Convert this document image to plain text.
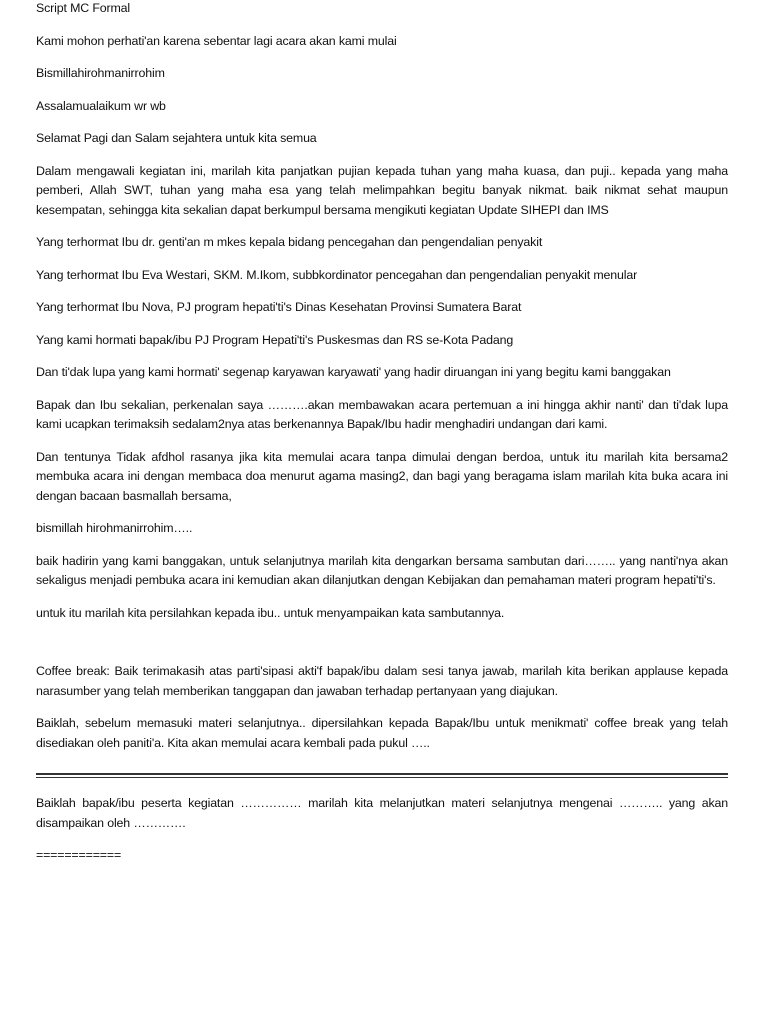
Script MC Formal

Kami mohon perhati'an karena sebentar lagi acara akan kami mulai

Bismillahirohmanirrohim

Assalamualaikum wr wb

Selamat Pagi dan Salam sejahtera untuk kita semua

Dalam mengawali kegiatan ini, marilah kita panjatkan pujian kepada tuhan yang maha kuasa, dan puji.. kepada yang maha pemberi, Allah SWT, tuhan yang maha esa yang telah melimpahkan begitu banyak nikmat. baik nikmat sehat maupun kesempatan, sehingga kita sekalian dapat berkumpul bersama mengikuti kegiatan Update SIHEPI dan IMS

Yang terhormat Ibu dr. genti'an m mkes kepala bidang pencegahan dan pengendalian penyakit

Yang terhormat Ibu Eva Westari, SKM. M.Ikom, subbkordinator pencegahan dan pengendalian penyakit menular

Yang terhormat Ibu Nova, PJ program hepati'ti's Dinas Kesehatan Provinsi Sumatera Barat

Yang kami hormati bapak/ibu PJ Program Hepati'ti's Puskesmas dan RS se-Kota Padang

Dan ti'dak lupa yang kami hormati' segenap karyawan karyawati' yang hadir diruangan ini yang begitu kami banggakan

Bapak dan Ibu sekalian, perkenalan saya ……….akan membawakan acara pertemuan a ini hingga akhir nanti' dan ti'dak lupa kami ucapkan terimaksih sedalam2nya atas berkenannya Bapak/Ibu hadir menghadiri undangan dari kami.

Dan tentunya Tidak afdhol rasanya jika kita memulai acara tanpa dimulai dengan berdoa, untuk itu marilah kita bersama2 membuka acara ini dengan membaca doa menurut agama masing2, dan bagi yang beragama islam marilah kita buka acara ini dengan bacaan basmallah bersama,

bismillah hirohmanirrohim…..

baik hadirin yang kami banggakan, untuk selanjutnya marilah kita dengarkan bersama sambutan dari…….. yang nanti'nya akan sekaligus menjadi pembuka acara ini kemudian akan dilanjutkan dengan Kebijakan dan pemahaman materi program hepati'ti's.

untuk itu marilah kita persilahkan kepada ibu.. untuk menyampaikan kata sambutannya.

Coffee break: Baik terimakasih atas parti'sipasi akti'f bapak/ibu dalam sesi tanya jawab, marilah kita berikan applause kepada narasumber yang telah memberikan tanggapan dan jawaban terhadap pertanyaan yang diajukan.

Baiklah, sebelum memasuki materi selanjutnya.. dipersilahkan kepada Bapak/Ibu untuk menikmati' coffee break yang telah disediakan oleh paniti'a. Kita akan memulai acara kembali pada pukul …..

Baiklah bapak/ibu peserta kegiatan …………… marilah kita melanjutkan materi selanjutnya mengenai ……….. yang akan disampaikan oleh ………….

============
